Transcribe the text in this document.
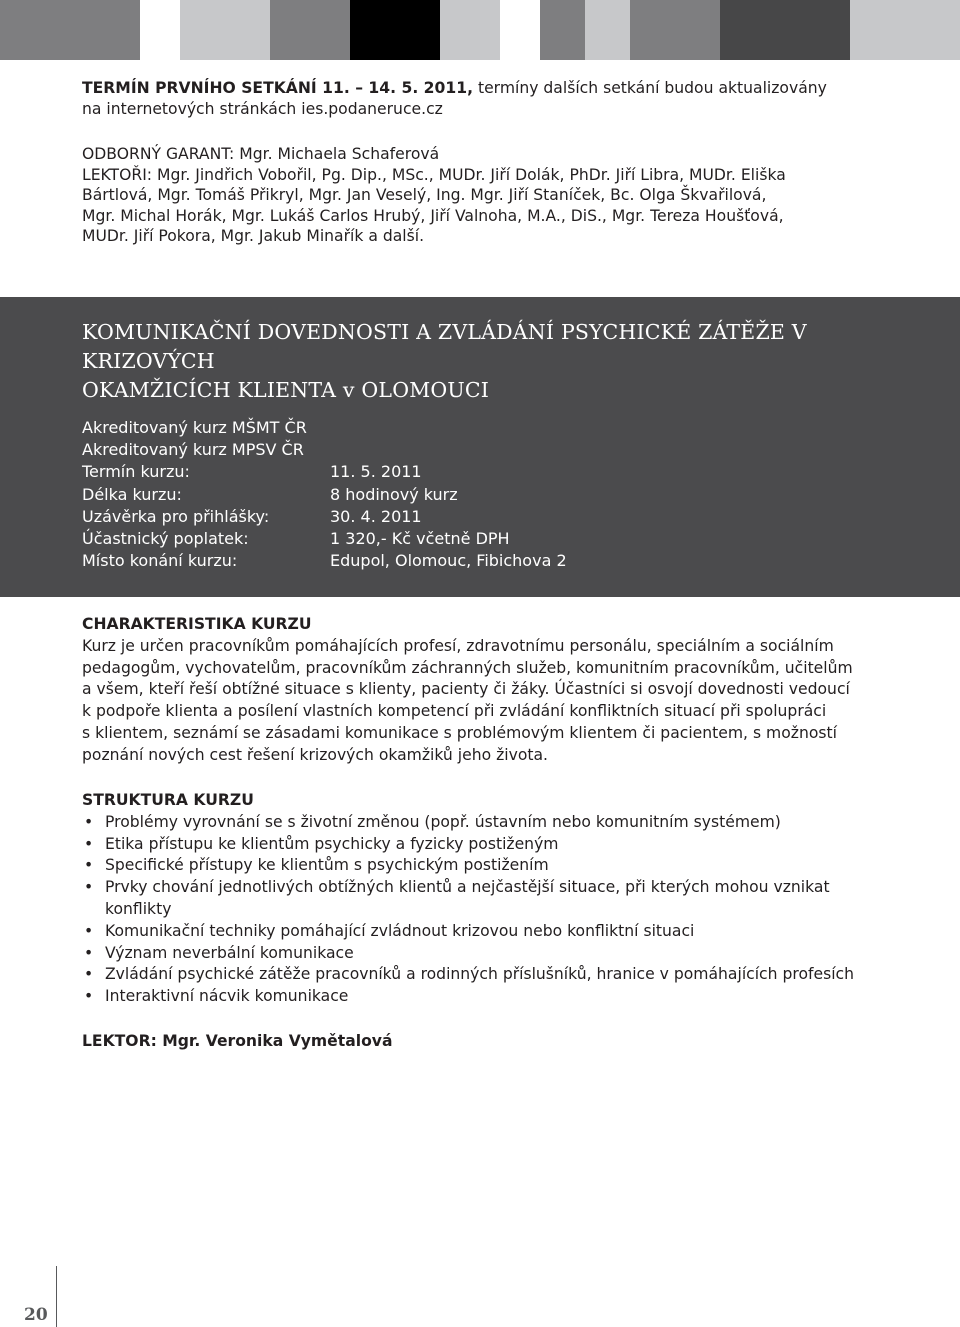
TERMÍN PRVNÍHO SETKÁNÍ 11. – 14. 5. 2011, termíny dalších setkání budou aktualizovány
na internetových stránkách ies.podaneruce.cz
ODBORNÝ GARANT: Mgr. Michaela Schaferová
LEKTOŘI: Mgr. Jindřich Vobořil, Pg. Dip., MSc., MUDr. Jiří Dolák, PhDr. Jiří Libra, MUDr. Eliška
Bártlová, Mgr. Tomáš Přikryl, Mgr. Jan Veselý, Ing. Mgr. Jiří Staníček, Bc. Olga Škvařilová,
Mgr. Michal Horák, Mgr. Lukáš Carlos Hrubý, Jiří Valnoha, M.A., DiS., Mgr. Tereza Houšťová,
MUDr. Jiří Pokora, Mgr. Jakub Minařík a další.
KOMUNIKAČNÍ DOVEDNOSTI A ZVLÁDÁNÍ PSYCHICKÉ ZÁTĚŽE V KRIZOVÝCH
OKAMŽICÍCH KLIENTA v OLOMOUCI
Akreditovaný kurz MŠMT ČR
Akreditovaný kurz MPSV ČR
Termín kurzu:	11. 5. 2011
Délka kurzu:	8 hodinový kurz
Uzávěrka pro přihlášky:	30. 4. 2011
Účastnický poplatek:	1 320,- Kč včetně DPH
Místo konání kurzu:	Edupol, Olomouc, Fibichova 2
CHARAKTERISTIKA KURZU
Kurz je určen pracovníkům pomáhajících profesí, zdravotnímu personálu, speciálním a sociálním
pedagogům, vychovatelům, pracovníkům záchranných služeb, komunitním pracovníkům, učitelům
a všem, kteří řeší obtížné situace s klienty, pacienty či žáky. Účastníci si osvojí dovednosti vedoucí
k podpoře klienta a posílení vlastních kompetencí při zvládání konfliktních situací při spolupráci
s klientem, seznámí se zásadami komunikace s problémovým klientem či pacientem, s možností
poznání nových cest řešení krizových okamžiků jeho života.
STRUKTURA KURZU
• Problémy vyrovnání se s životní změnou (popř. ústavním nebo komunitním systémem)
• Etika přístupu ke klientům psychicky a fyzicky postiženým
• Specifické přístupy ke klientům s psychickým postižením
• Prvky chování jednotlivých obtížných klientů a nejčastější situace, při kterých mohou vznikat
konflikty
• Komunikační techniky pomáhající zvládnout krizovou nebo konfliktní situaci
• Význam neverbální komunikace
• Zvládání psychické zátěže pracovníků a rodinných příslušníků, hranice v pomáhajících profesích
• Interaktivní nácvik komunikace
LEKTOR: Mgr. Veronika Vymětalová
20
